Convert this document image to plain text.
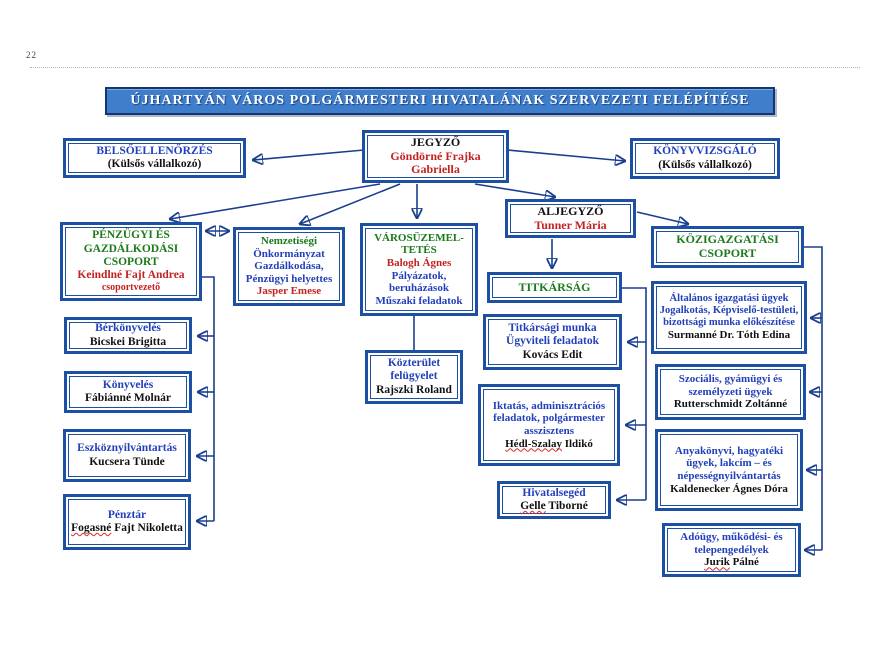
22
ÚJHARTYÁN VÁROS POLGÁRMESTERI HIVATALÁNAK SZERVEZETI FELÉPÍTÉSE
BELSŐELLENŐRZÉS
(Külsős vállalkozó)
JEGYZŐ
Göndörné Frajka Gabriella
KÖNYVVIZSGÁLÓ
(Külsős vállalkozó)
ALJEGYZŐ
Tunner Mária
PÉNZÜGYI ÉS GAZDÁLKODÁSI CSOPORT
Keindlné Fajt Andrea
csoportvezető
Nemzetiségi
Önkormányzat Gazdálkodása, Pénzügyi helyettes
Jasper Emese
VÁROSÜZEMEL-TETÉS
Balogh Ágnes
Pályázatok, beruházások
Műszaki feladatok
KÖZIGAZGATÁSI CSOPORT
TITKÁRSÁG
Bérkönyvelés
Bicskei Brigitta
Könyvelés
Fábiánné Molnár
Eszköznyilvántartás
Kucsera Tünde
Pénztár
Fogasné Fajt Nikoletta
Közterület felügyelet
Rajszki Roland
Titkársági munka
Ügyviteli feladatok
Kovács Edit
Iktatás, adminisztrációs feladatok, polgármester asszisztens
Hédl-Szalay Ildikó
Hivatalsegéd
Gelle Tiborné
Általános igazgatási ügyek Jogalkotás, Képviselő-testületi, bizottsági munka előkészítése
Surmanné Dr. Tóth Edina
Szociális, gyámügyi és személyzeti ügyek
Rutterschmidt Zoltánné
Anyakönyvi, hagyatéki ügyek, lakcím – és népességnyilvántartás
Kaldenecker Ágnes Dóra
Adóügy, működési- és telepengedélyek
Jurik Pálné
